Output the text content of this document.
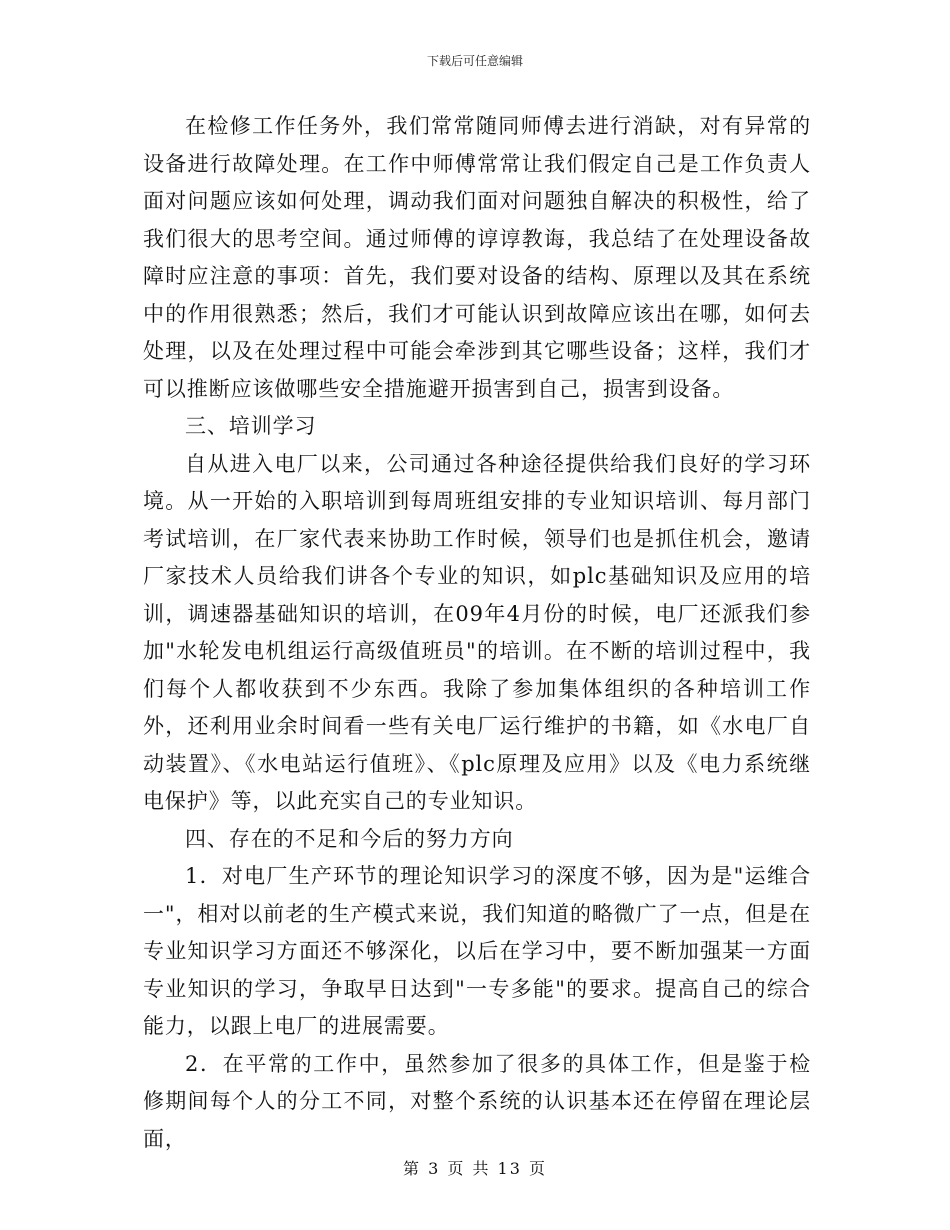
下载后可任意编辑

在检修工作任务外，我们常常随同师傅去进行消缺，对有异常的设备进行故障处理。在工作中师傅常常让我们假定自己是工作负责人面对问题应该如何处理，调动我们面对问题独自解决的积极性，给了我们很大的思考空间。通过师傅的谆谆教诲，我总结了在处理设备故障时应注意的事项：首先，我们要对设备的结构、原理以及其在系统中的作用很熟悉；然后，我们才可能认识到故障应该出在哪，如何去处理，以及在处理过程中可能会牵涉到其它哪些设备；这样，我们才可以推断应该做哪些安全措施避开损害到自己，损害到设备。

三、培训学习

自从进入电厂以来，公司通过各种途径提供给我们良好的学习环境。从一开始的入职培训到每周班组安排的专业知识培训、每月部门考试培训，在厂家代表来协助工作时候，领导们也是抓住机会，邀请厂家技术人员给我们讲各个专业的知识，如plc基础知识及应用的培训，调速器基础知识的培训，在09年4月份的时候，电厂还派我们参加"水轮发电机组运行高级值班员"的培训。在不断的培训过程中，我们每个人都收获到不少东西。我除了参加集体组织的各种培训工作外，还利用业余时间看一些有关电厂运行维护的书籍，如《水电厂自动装置》、《水电站运行值班》、《plc原理及应用》以及《电力系统继电保护》等，以此充实自己的专业知识。

四、存在的不足和今后的努力方向

1．对电厂生产环节的理论知识学习的深度不够，因为是"运维合一"，相对以前老的生产模式来说，我们知道的略微广了一点，但是在专业知识学习方面还不够深化，以后在学习中，要不断加强某一方面专业知识的学习，争取早日达到"一专多能"的要求。提高自己的综合能力，以跟上电厂的进展需要。

2．在平常的工作中，虽然参加了很多的具体工作，但是鉴于检修期间每个人的分工不同，对整个系统的认识基本还在停留在理论层面，

第 3 页 共 13 页
